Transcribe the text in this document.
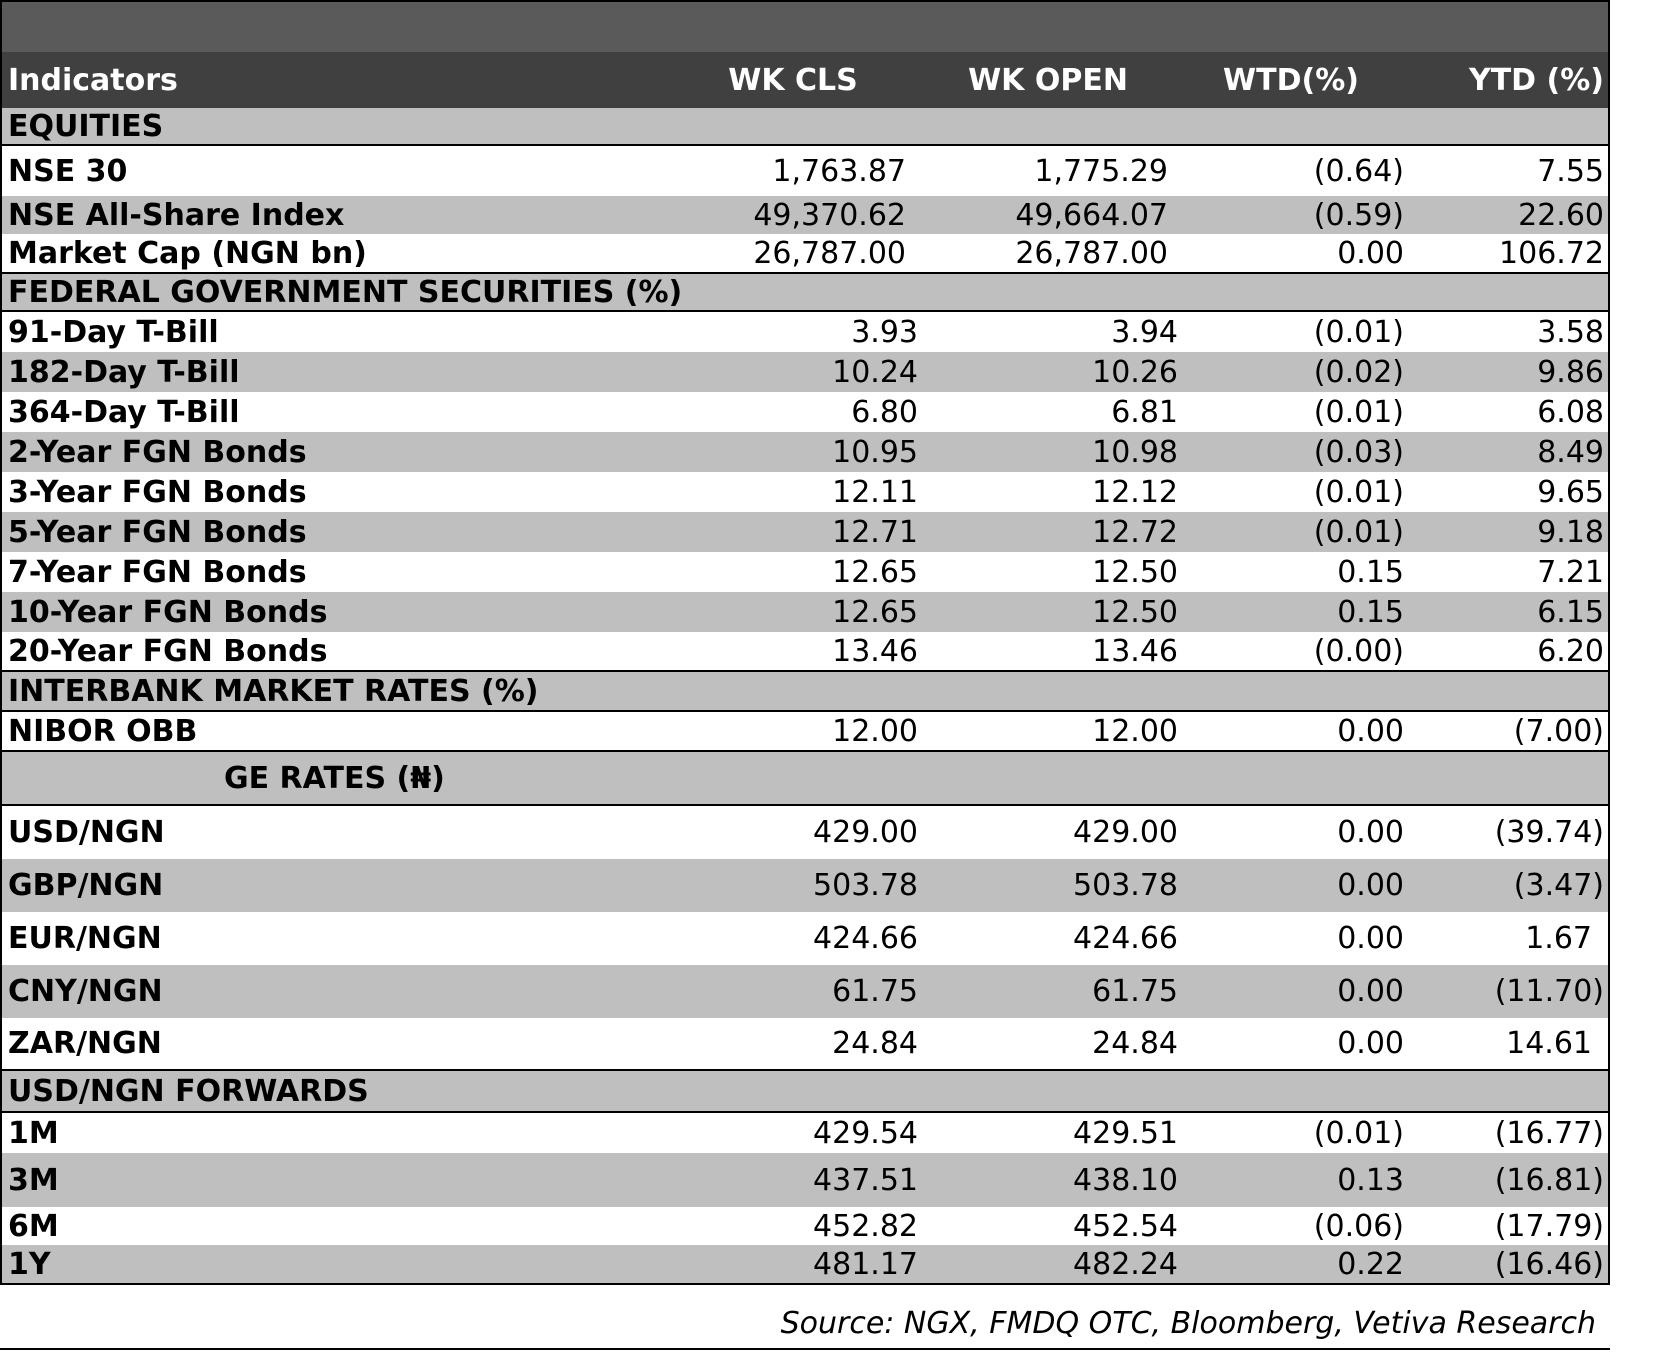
Indicators	WK CLS	WK OPEN	WTD(%)	YTD (%)
EQUITIES
NSE 30	1,763.87	1,775.29	(0.64)	7.55
NSE All-Share Index	49,370.62	49,664.07	(0.59)	22.60
Market Cap (NGN bn)	26,787.00	26,787.00	0.00	106.72
FEDERAL GOVERNMENT SECURITIES (%)
91-Day T-Bill	3.93	3.94	(0.01)	3.58
182-Day T-Bill	10.24	10.26	(0.02)	9.86
364-Day T-Bill	6.80	6.81	(0.01)	6.08
2-Year FGN Bonds	10.95	10.98	(0.03)	8.49
3-Year FGN Bonds	12.11	12.12	(0.01)	9.65
5-Year FGN Bonds	12.71	12.72	(0.01)	9.18
7-Year FGN Bonds	12.65	12.50	0.15	7.21
10-Year FGN Bonds	12.65	12.50	0.15	6.15
20-Year FGN Bonds	13.46	13.46	(0.00)	6.20
INTERBANK MARKET RATES (%)
NIBOR OBB	12.00	12.00	0.00	(7.00)
GE RATES (₦)
USD/NGN	429.00	429.00	0.00	(39.74)
GBP/NGN	503.78	503.78	0.00	(3.47)
EUR/NGN	424.66	424.66	0.00	1.67
CNY/NGN	61.75	61.75	0.00	(11.70)
ZAR/NGN	24.84	24.84	0.00	14.61
USD/NGN FORWARDS
1M	429.54	429.51	(0.01)	(16.77)
3M	437.51	438.10	0.13	(16.81)
6M	452.82	452.54	(0.06)	(17.79)
1Y	481.17	482.24	0.22	(16.46)
Source: NGX, FMDQ OTC, Bloomberg, Vetiva Research
